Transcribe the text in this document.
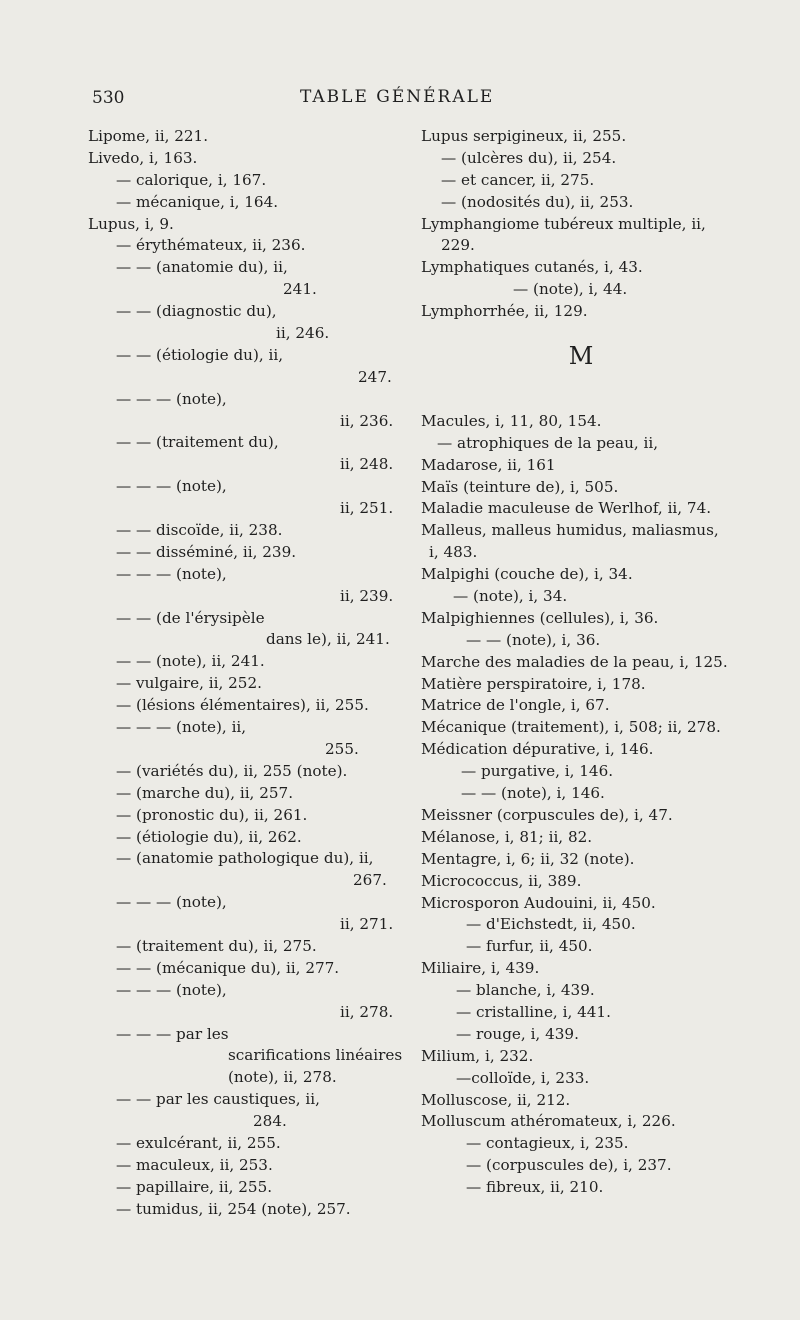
530	TABLE GÉNÉRALE
Lipome, ii, 221.
Livedo, i, 163.
— calorique, i, 167.
— mécanique, i, 164.
Lupus, i, 9.
— érythémateux, ii, 236.
— — (anatomie du), ii,
241.
— — (diagnostic du),
ii, 246.
— — (étiologie du), ii,
247.
— — — (note),
ii, 236.
— — (traitement du),
ii, 248.
— — — (note),
ii, 251.
— — discoïde, ii, 238.
— — disséminé, ii, 239.
— — — (note),
ii, 239.
— — (de l'érysipèle
dans le), ii, 241.
— — (note), ii, 241.
— vulgaire, ii, 252.
— (lésions élémentaires), ii, 255.
— — — (note), ii,
255.
— (variétés du), ii, 255 (note).
— (marche du), ii, 257.
— (pronostic du), ii, 261.
— (étiologie du), ii, 262.
— (anatomie pathologique du), ii,
267.
— — — (note),
ii, 271.
— (traitement du), ii, 275.
— — (mécanique du), ii, 277.
— — — (note),
ii, 278.
— — — par les
scarifications linéaires
(note), ii, 278.
— — par les caustiques, ii,
284.
— exulcérant, ii, 255.
— maculeux, ii, 253.
— papillaire, ii, 255.
— tumidus, ii, 254 (note), 257.
Lupus serpigineux, ii, 255.
— (ulcères du), ii, 254.
— et cancer, ii, 275.
— (nodosités du), ii, 253.
Lymphangiome tubéreux multiple, ii,
229.
Lymphatiques cutanés, i, 43.
— (note), i, 44.
Lymphorrhée, ii, 129.
M
Macules, i, 11, 80, 154.
— atrophiques de la peau, ii,
Madarose, ii, 161
Maïs (teinture de), i, 505.
Maladie maculeuse de Werlhof, ii, 74.
Malleus, malleus humidus, maliasmus,
i, 483.
Malpighi (couche de), i, 34.
— (note), i, 34.
Malpighiennes (cellules), i, 36.
— — (note), i, 36.
Marche des maladies de la peau, i, 125.
Matière perspiratoire, i, 178.
Matrice de l'ongle, i, 67.
Mécanique (traitement), i, 508; ii, 278.
Médication dépurative, i, 146.
— purgative, i, 146.
— — (note), i, 146.
Meissner (corpuscules de), i, 47.
Mélanose, i, 81; ii, 82.
Mentagre, i, 6; ii, 32 (note).
Micrococcus, ii, 389.
Microsporon Audouini, ii, 450.
— d'Eichstedt, ii, 450.
— furfur, ii, 450.
Miliaire, i, 439.
— blanche, i, 439.
— cristalline, i, 441.
— rouge, i, 439.
Milium, i, 232.
—colloïde, i, 233.
Molluscose, ii, 212.
Molluscum athéromateux, i, 226.
— contagieux, i, 235.
— (corpuscules de), i, 237.
— fibreux, ii, 210.
